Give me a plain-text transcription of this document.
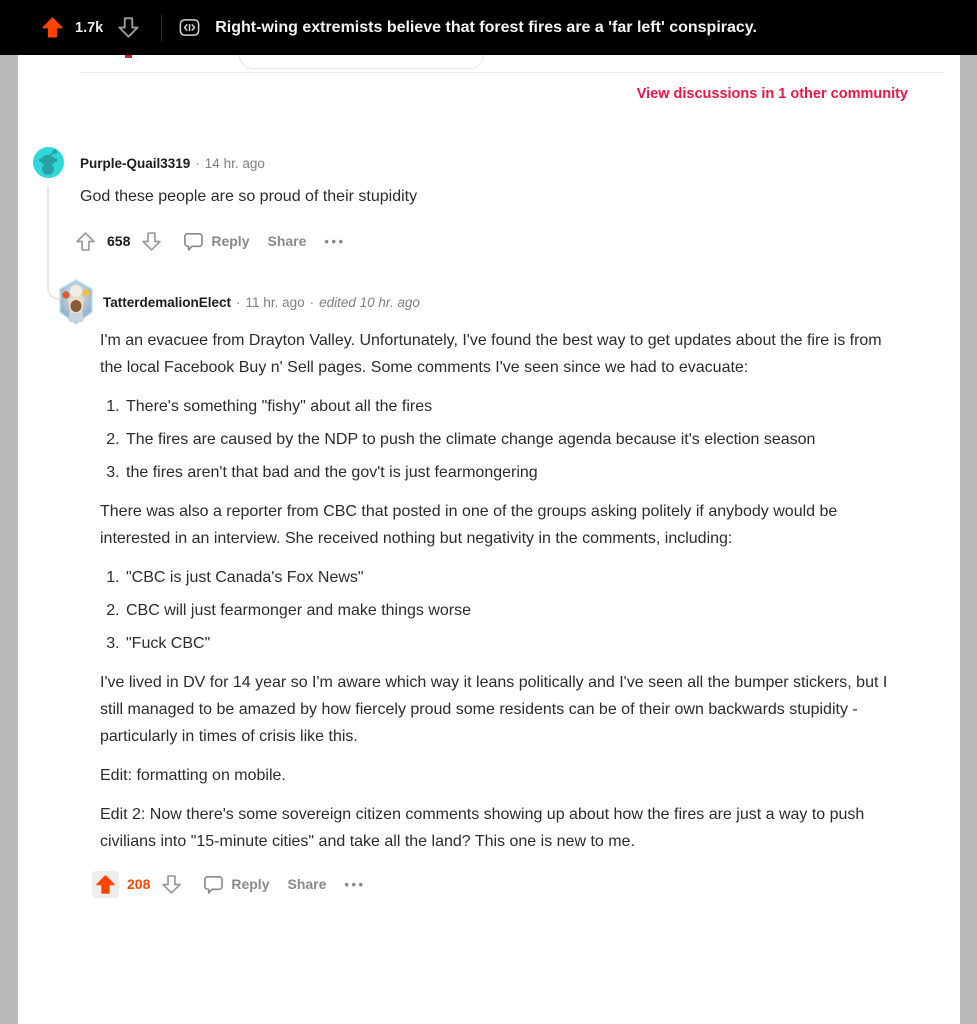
1.7k	Right-wing extremists believe that forest fires are a 'far left' conspiracy.
View discussions in 1 other community
Purple-Quail3319 · 14 hr. ago
God these people are so proud of their stupidity
658	Reply Share •••
TatterdemalionElect · 11 hr. ago · edited 10 hr. ago

I'm an evacuee from Drayton Valley. Unfortunately, I've found the best way to get updates about the fire is from the local Facebook Buy n' Sell pages. Some comments I've seen since we had to evacuate:

1. There's something "fishy" about all the fires
2. The fires are caused by the NDP to push the climate change agenda because it's election season
3. the fires aren't that bad and the gov't is just fearmongering

There was also a reporter from CBC that posted in one of the groups asking politely if anybody would be interested in an interview. She received nothing but negativity in the comments, including:

1. "CBC is just Canada's Fox News"
2. CBC will just fearmonger and make things worse
3. "Fuck CBC"

I've lived in DV for 14 year so I'm aware which way it leans politically and I've seen all the bumper stickers, but I still managed to be amazed by how fiercely proud some residents can be of their own backwards stupidity - particularly in times of crisis like this.

Edit: formatting on mobile.

Edit 2: Now there's some sovereign citizen comments showing up about how the fires are just a way to push civilians into "15-minute cities" and take all the land? This one is new to me.

208	Reply Share •••
